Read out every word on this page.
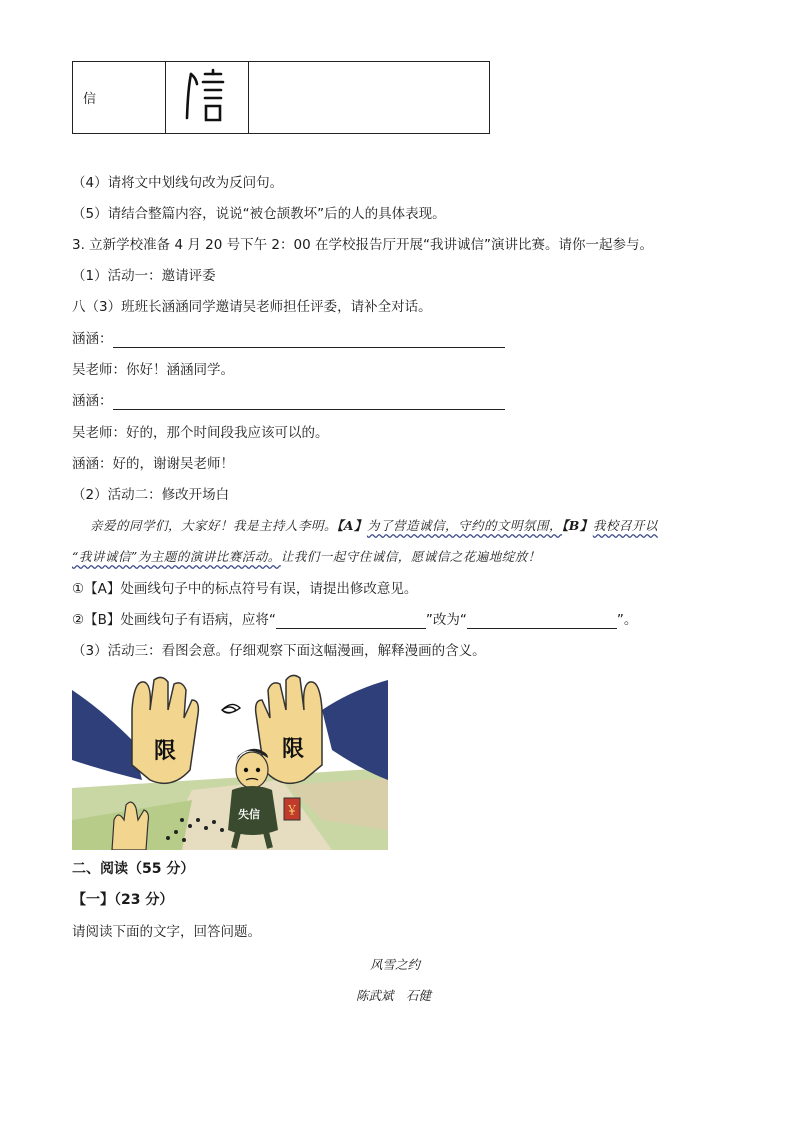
信		
（4）请将文中划线句改为反问句。
（5）请结合整篇内容，说说“被仓颉教坏”后的人的具体表现。
3. 立新学校准备 4 月 20 号下午 2：00 在学校报告厅开展“我讲诚信”演讲比赛。请你一起参与。
（1）活动一：邀请评委
八（3）班班长涵涵同学邀请吴老师担任评委，请补全对话。
涵涵：
吴老师：你好！涵涵同学。
涵涵：
吴老师：好的，那个时间段我应该可以的。
涵涵：好的，谢谢吴老师！
（2）活动二：修改开场白
亲爱的同学们，大家好！我是主持人李明。【A】为了营造诚信，守约的文明氛围，【B】我校召开以
“我讲诚信”为主题的演讲比赛活动。让我们一起守住诚信，愿诚信之花遍地绽放！
①【A】处画线句子中的标点符号有误，请提出修改意见。
②【B】处画线句子有语病，应将“	”改为“	”。
（3）活动三：看图会意。仔细观察下面这幅漫画，解释漫画的含义。
限	限
失信 ￥
二、阅读（55 分）
【一】（23 分）
请阅读下面的文字，回答问题。
风雪之约
陈武斌　石健
